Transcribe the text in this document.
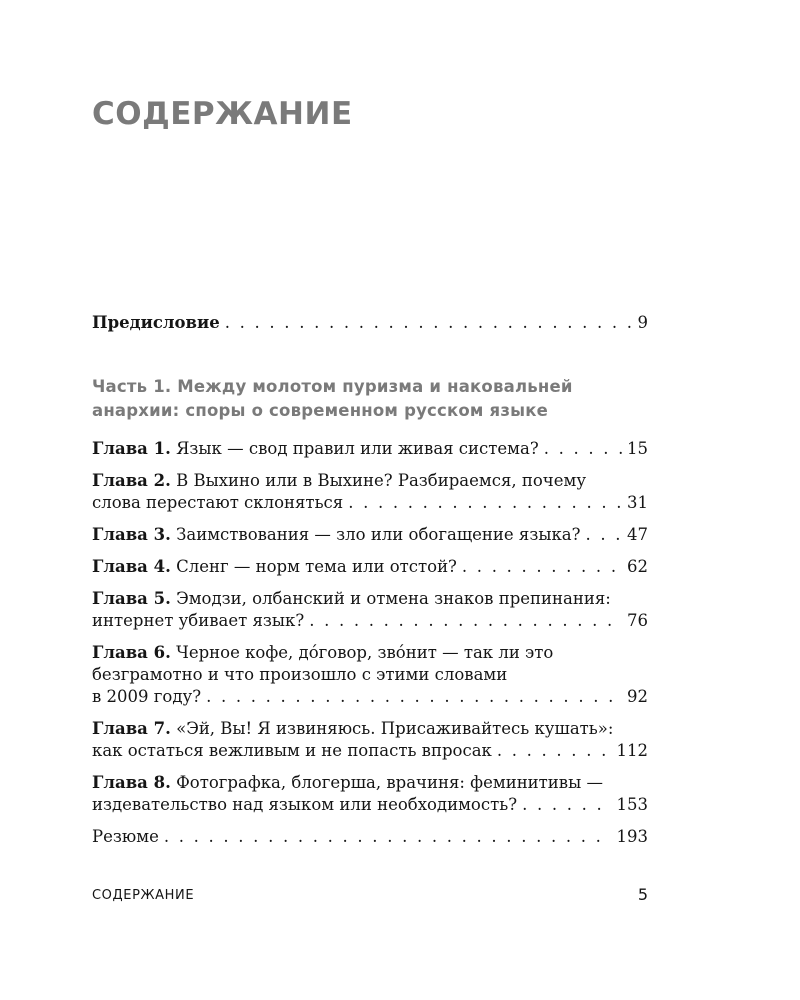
СОДЕРЖАНИЕ
Предисловие . . .	9
Часть 1. Между молотом пуризма и наковальней
анархии: споры о современном русском языке
Глава 1. Язык — свод правил или живая система? . . .	15
Глава 2. В Выхино или в Выхине? Разбираемся, почему
слова перестают склоняться . . .	31
Глава 3. Заимствования — зло или обогащение языка? . . .	47
Глава 4. Сленг — норм тема или отстой? . . .	62
Глава 5. Эмодзи, олбанский и отмена знаков препинания:
интернет убивает язык? . . .	76
Глава 6. Черное кофе, дóговор, звóнит — так ли это
безграмотно и что произошло с этими словами
в 2009 году? . . .	92
Глава 7. «Эй, Вы! Я извиняюсь. Присаживайтесь кушать»:
как остаться вежливым и не попасть впросак . . .	112
Глава 8. Фотографка, блогерша, врачиня: феминитивы —
издевательство над языком или необходимость? . . .	153
Резюме . . .	193
СОДЕРЖАНИЕ	5
